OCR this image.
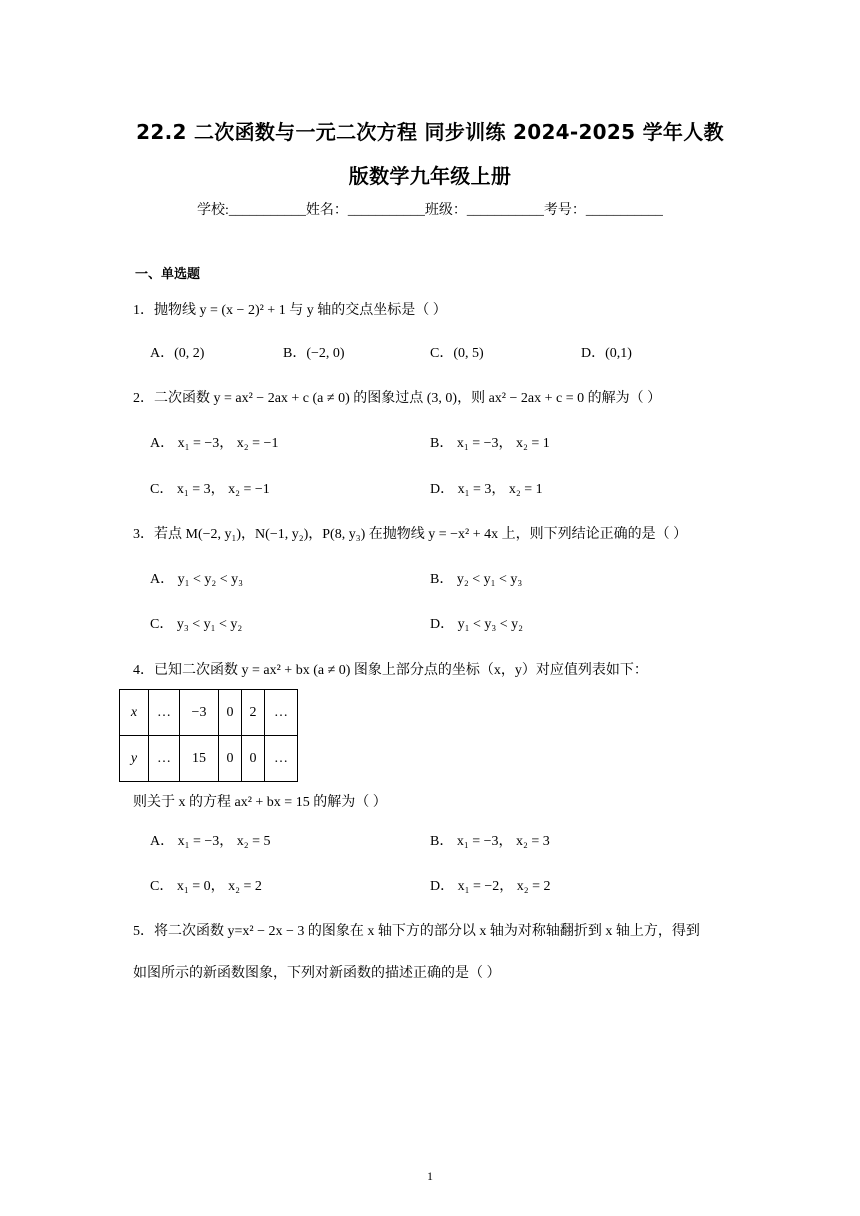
22.2 二次函数与一元二次方程 同步训练 2024-2025 学年人教
版数学九年级上册
学校:___________姓名：___________班级：___________考号：___________
一、单选题
1．抛物线 y = (x − 2)² + 1 与 y 轴的交点坐标是（ ）
A．(0, 2)	B．(−2, 0)	C．(0, 5)	D．(0,1)
2．二次函数 y = ax² − 2ax + c (a ≠ 0) 的图象过点 (3, 0)，则 ax² − 2ax + c = 0 的解为（ ）
A． x₁ = −3， x₂ = −1	B． x₁ = −3， x₂ = 1
C． x₁ = 3， x₂ = −1	D． x₁ = 3， x₂ = 1
3．若点 M(−2, y₁)，N(−1, y₂)，P(8, y₃) 在抛物线 y = −x² + 4x 上，则下列结论正确的是（ ）
A． y₁ < y₂ < y₃	B． y₂ < y₁ < y₃
C． y₃ < y₁ < y₂	D． y₁ < y₃ < y₂
4．已知二次函数 y = ax² + bx (a ≠ 0) 图象上部分点的坐标（x，y）对应值列表如下：
x	…	−3	0	2	…
y	…	15	0	0	…
则关于 x 的方程 ax² + bx = 15 的解为（ ）
A． x₁ = −3， x₂ = 5	B． x₁ = −3， x₂ = 3
C． x₁ = 0， x₂ = 2	D． x₁ = −2， x₂ = 2
5．将二次函数 y=x² − 2x − 3 的图象在 x 轴下方的部分以 x 轴为对称轴翻折到 x 轴上方，得到
如图所示的新函数图象，下列对新函数的描述正确的是（ ）
1
